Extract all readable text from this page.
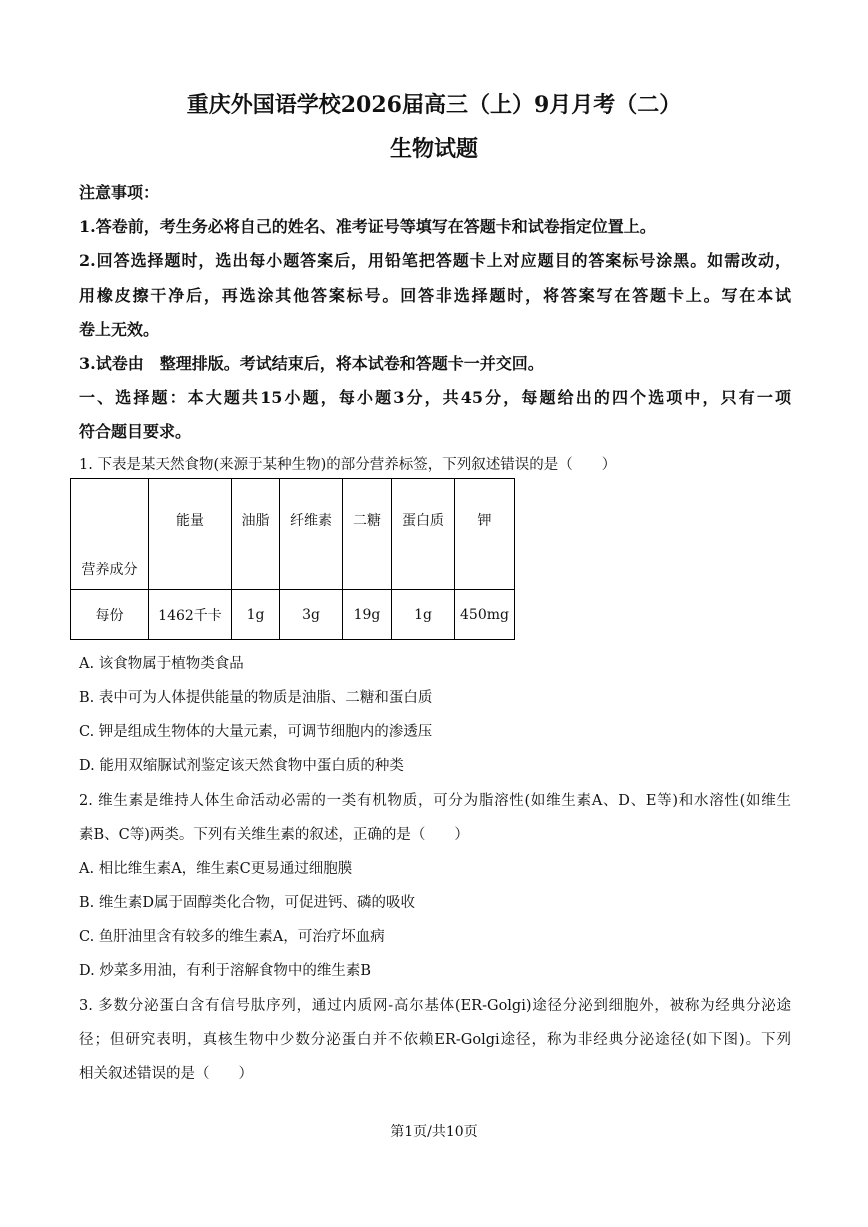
重庆外国语学校2026届高三（上）9月月考（二）
生物试题
注意事项：
1.答卷前，考生务必将自己的姓名、准考证号等填写在答题卡和试卷指定位置上。
2.回答选择题时，选出每小题答案后，用铅笔把答题卡上对应题目的答案标号涂黑。如需改动，
用橡皮擦干净后，再选涂其他答案标号。回答非选择题时，将答案写在答题卡上。写在本试
卷上无效。
3.试卷由　整理排版。考试结束后，将本试卷和答题卡一并交回。
一、选择题：本大题共15小题，每小题3分，共45分，每题给出的四个选项中，只有一项
符合题目要求。
1. 下表是某天然食物(来源于某种生物)的部分营养标签，下列叙述错误的是（　　）
营养成分	能量	油脂	纤维素	二糖	蛋白质	钾
每份	1462千卡	1g	3g	19g	1g	450mg
A. 该食物属于植物类食品
B. 表中可为人体提供能量的物质是油脂、二糖和蛋白质
C. 钾是组成生物体的大量元素，可调节细胞内的渗透压
D. 能用双缩脲试剂鉴定该天然食物中蛋白质的种类
2. 维生素是维持人体生命活动必需的一类有机物质，可分为脂溶性(如维生素A、D、E等)和水溶性(如维生
素B、C等)两类。下列有关维生素的叙述，正确的是（　　）
A. 相比维生素A，维生素C更易通过细胞膜
B. 维生素D属于固醇类化合物，可促进钙、磷的吸收
C. 鱼肝油里含有较多的维生素A，可治疗坏血病
D. 炒菜多用油，有利于溶解食物中的维生素B
3. 多数分泌蛋白含有信号肽序列，通过内质网-高尔基体(ER-Golgi)途径分泌到细胞外，被称为经典分泌途
径；但研究表明，真核生物中少数分泌蛋白并不依赖ER-Golgi途径，称为非经典分泌途径(如下图)。下列
相关叙述错误的是（　　）
第1页/共10页
